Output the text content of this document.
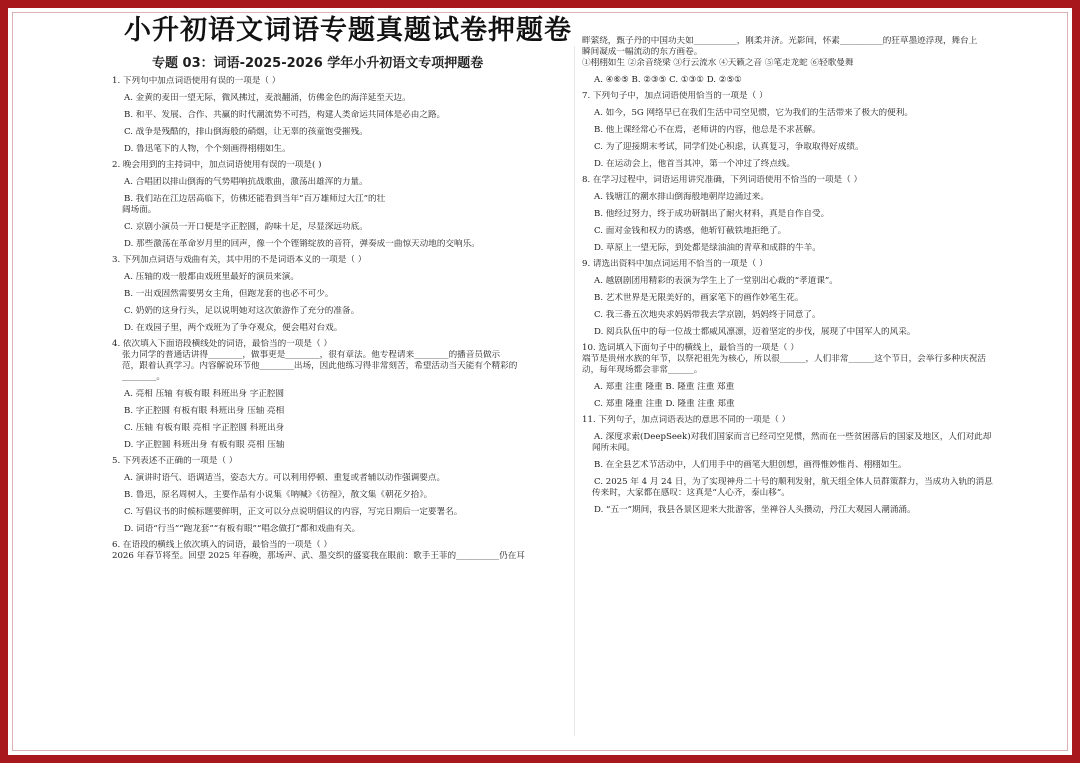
小升初语文词语专题真题试卷押题卷
专题 03：词语-2025-2026 学年小升初语文专项押题卷
1. 下列句中加点词语使用有误的一项是（ ）
A. 金黄的麦田一望无际，微风拂过，麦浪翻涌，仿佛金色的海洋延至天边。
B. 和平、发展、合作、共赢的时代潮流势不可挡，构建人类命运共同体是必由之路。
C. 战争是残酷的，排山倒海般的硝烟，让无辜的孩童饱受摧残。
D. 鲁迅笔下的人物，个个刻画得栩栩如生。
2. 晚会用到的主持词中，加点词语使用有误的一项是( )
A. 合唱团以排山倒海的气势唱响抗战歌曲，激荡出雄浑的力量。
B. 我们站在江边居高临下，仿佛还能看到当年“百万雄师过大江”的壮
阔场面。
C. 京剧小演员一开口便是字正腔圆，韵味十足，尽显深远功底。
D. 那些激荡在革命岁月里的回声，像一个个铿锵绽放的音符，弹奏成一曲惊天动地的交响乐。
3. 下列加点词语与戏曲有关，其中用的不是词语本义的一项是（ ）
A. 压轴的戏一般都由戏班里最好的演员来演。
B. 一出戏固然需要男女主角，但跑龙套的也必不可少。
C. 奶奶的这身行头，足以说明她对这次旅游作了充分的准备。
D. 在戏园子里，两个戏班为了争夺观众，便会唱对台戏。
4. 依次填入下面语段横线处的词语，最恰当的一项是（ ）
张力同学的普通话讲得________，做事更是________，很有章法。他专程请来________的播音员做示
范，跟着认真学习。内容解说环节他________出场，因此他练习得非常刻苦，希望活动当天能有个精彩的
________。
A. 亮相 压轴 有板有眼 科班出身 字正腔圆
B. 字正腔圆 有板有眼 科班出身 压轴 亮相
C. 压轴 有板有眼 亮相 字正腔圆 科班出身
D. 字正腔圆 科班出身 有板有眼 亮相 压轴
5. 下列表述不正确的一项是（ ）
A. 演讲时语气、语调适当，姿态大方。可以利用停顿、重复或者辅以动作强调要点。
B. 鲁迅，原名周树人，主要作品有小说集《呐喊》《彷徨》，散文集《朝花夕拾》。
C. 写倡议书的时候标题要鲜明，正文可以分点说明倡议的内容，写完日期后一定要署名。
D. 词语“行当”“跑龙套”“有板有眼”“唱念做打”都和戏曲有关。
6. 在语段的横线上依次填入的词语，最恰当的一项是（ ）
2026 年春节将至。回望 2025 年春晚，那场声、武、墨交织的盛宴我在眼前：歌手王菲的__________仍在耳
畔萦绕，甄子丹的中国功夫如__________，刚柔并济。光影间，怀素__________的狂草墨迹浮现，舞台上
瞬间凝成一幅流动的东方画卷。
①栩栩如生 ②余音绕梁 ③行云流水 ④天籁之音 ⑤笔走龙蛇 ⑥轻歌曼舞
A. ④⑥⑤ B. ②③⑤ C. ①③① D. ②⑤①
7. 下列句子中，加点词语使用恰当的一项是（ ）
A. 如今，5G 网络早已在我们生活中司空见惯，它为我们的生活带来了极大的便利。
B. 他上课经常心不在焉，老师讲的内容，他总是不求甚解。
C. 为了迎接期末考试，同学们处心积虑，认真复习，争取取得好成绩。
D. 在运动会上，他首当其冲，第一个冲过了终点线。
8. 在学习过程中，词语运用讲究准确，下列词语使用不恰当的一项是（ ）
A. 钱塘江的潮水排山倒海般地朝岸边涌过来。
B. 他经过努力，终于成功研制出了耐火材料，真是自作自受。
C. 面对金钱和权力的诱惑，他斩钉截铁地拒绝了。
D. 草原上一望无际，到处都是绿油油的青草和成群的牛羊。
9. 请选出资料中加点词运用不恰当的一项是（ ）
A. 越剧剧团用精彩的表演为学生上了一堂别出心裁的“孝道课”。
B. 艺术世界是无限美好的，画家笔下的画作妙笔生花。
C. 我三番五次地央求妈妈带我去学京剧，妈妈终于同意了。
D. 阅兵队伍中的每一位战士都威风凛凛，迈着坚定的步伐，展现了中国军人的风采。
10. 选词填入下面句子中的横线上，最恰当的一项是（ ）
端节是贵州水族的年节，以祭祀祖先为核心，所以很______，人们非常______这个节日，会举行多种庆祝活
动，每年现场都会非常______。
A. 郑重 注重 隆重 B. 隆重 注重 郑重
C. 郑重 隆重 注重 D. 隆重 注重 郑重
11. 下列句子，加点词语表达的意思不同的一项是（ ）
A. 深度求索(DeepSeek)对我们国家而言已经司空见惯，然而在一些贫困落后的国家及地区，人们对此却
闻所未闻。
B. 在全县艺术节活动中，人们用手中的画笔大胆创想，画得惟妙惟肖、栩栩如生。
C. 2025 年 4 月 24 日，为了实现神舟二十号的顺利发射，航天组全体人员群策群力，当成功入轨的消息
传来时，大家都在感叹：这真是“人心齐，泰山移”。
D. “五一”期间，我县各景区迎来大批游客，坐禅谷人头攒动，丹江大观园人潮涌涌。
